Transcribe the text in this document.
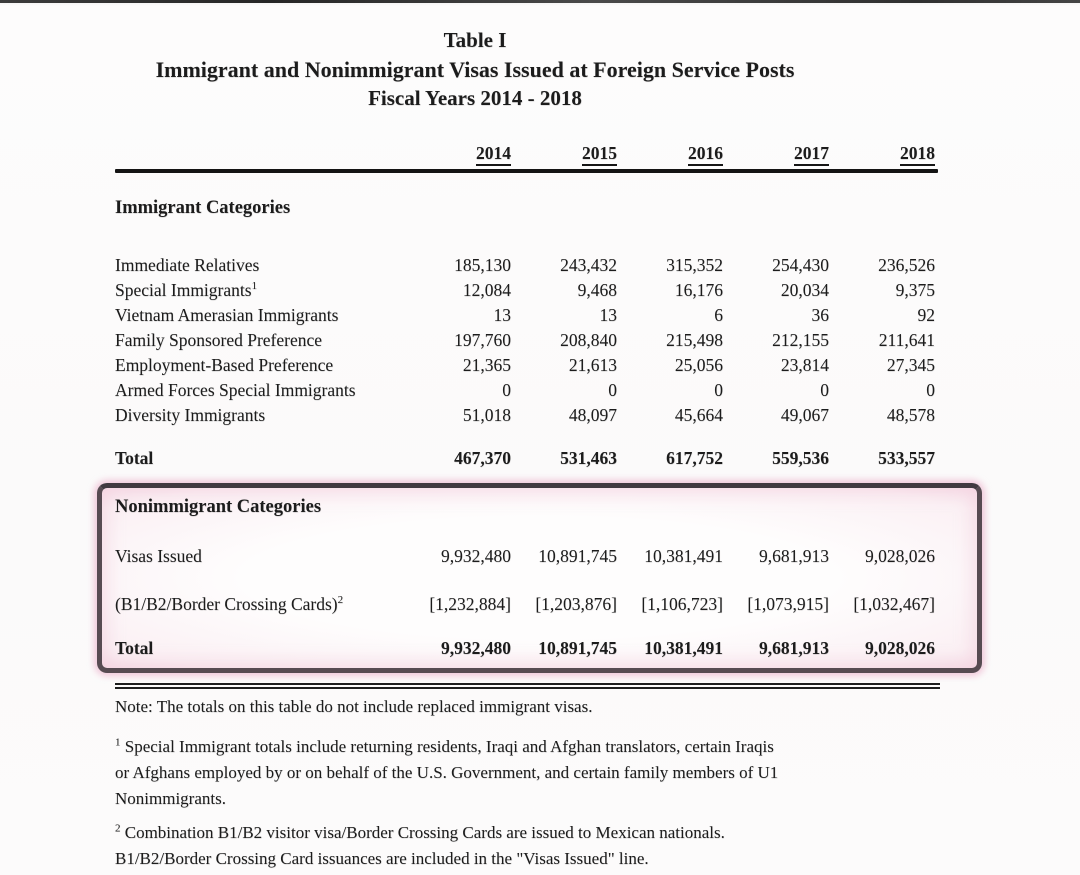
Table I
Immigrant and Nonimmigrant Visas Issued at Foreign Service Posts
Fiscal Years 2014 - 2018
2014	2015	2016	2017	2018
Immigrant Categories
Immediate Relatives	185,130	243,432	315,352	254,430	236,526
Special Immigrants$^1$	12,084	9,468	16,176	20,034	9,375
Vietnam Amerasian Immigrants	13	13	6	36	92
Family Sponsored Preference	197,760	208,840	215,498	212,155	211,641
Employment-Based Preference	21,365	21,613	25,056	23,814	27,345
Armed Forces Special Immigrants	0	0	0	0	0
Diversity Immigrants	51,018	48,097	45,664	49,067	48,578
Total	467,370	531,463	617,752	559,536	533,557
Nonimmigrant Categories
Visas Issued	9,932,480	10,891,745	10,381,491	9,681,913	9,028,026
(B1/B2/Border Crossing Cards)$^2$	[1,232,884]	[1,203,876]	[1,106,723]	[1,073,915]	[1,032,467]
Total	9,932,480	10,891,745	10,381,491	9,681,913	9,028,026

Note: The totals on this table do not include replaced immigrant visas.

$^1$ Special Immigrant totals include returning residents, Iraqi and Afghan translators, certain Iraqis
or Afghans employed by or on behalf of the U.S. Government, and certain family members of U1
Nonimmigrants.
$^2$ Combination B1/B2 visitor visa/Border Crossing Cards are issued to Mexican nationals.
B1/B2/Border Crossing Card issuances are included in the "Visas Issued" line.
